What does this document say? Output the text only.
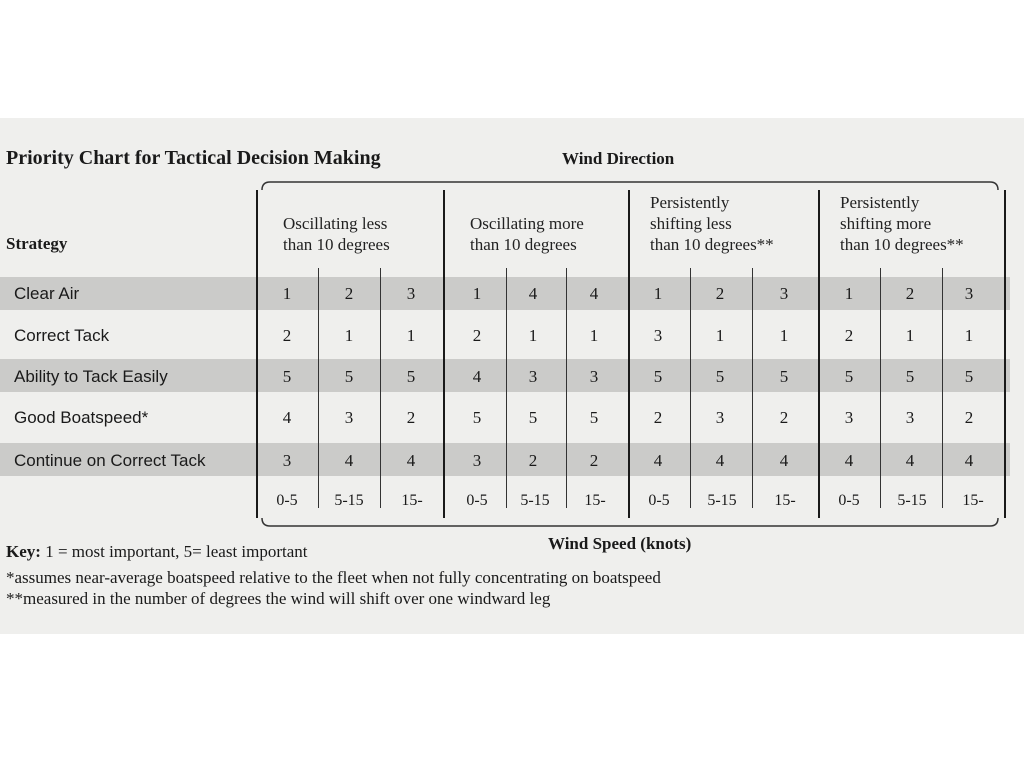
Priority Chart for Tactical Decision Making	Wind Direction
Strategy
Oscillating less
than 10 degrees
Oscillating more
than 10 degrees
Persistently
shifting less
than 10 degrees**
Persistently
shifting more
than 10 degrees**
Clear Air	1	2	3	1	4	4	1	2	3	1	2	3
Correct Tack	2	1	1	2	1	1	3	1	1	2	1	1
Ability to Tack Easily	5	5	5	4	3	3	5	5	5	5	5	5
Good Boatspeed*	4	3	2	5	5	5	2	3	2	3	3	2
Continue on Correct Tack	3	4	4	3	2	2	4	4	4	4	4	4
0-5	5-15	15-	0-5	5-15	15-	0-5	5-15	15-	0-5	5-15	15-
Wind Speed (knots)
Key: 1 = most important, 5= least important
*assumes near-average boatspeed relative to the fleet when not fully concentrating on boatspeed
**measured in the number of degrees the wind will shift over one windward leg
